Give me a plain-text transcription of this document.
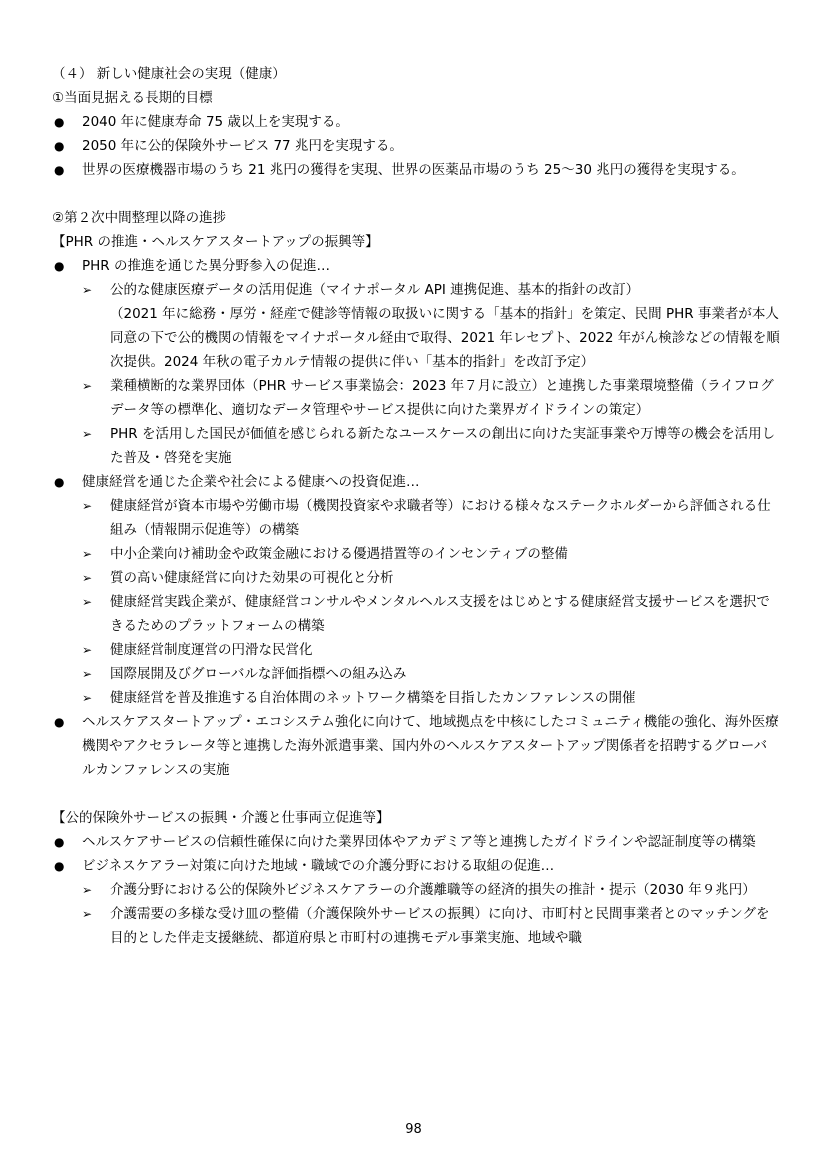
（４） 新しい健康社会の実現（健康）
①当面見据える長期的目標
●	2040 年に健康寿命 75 歳以上を実現する。
●	2050 年に公的保険外サービス 77 兆円を実現する。
●	世界の医療機器市場のうち 21 兆円の獲得を実現、世界の医薬品市場のうち 25～30 兆円の獲得を実現する。
②第２次中間整理以降の進捗
【PHR の推進・ヘルスケアスタートアップの振興等】
●	PHR の推進を通じた異分野参入の促進…
➢	公的な健康医療データの活用促進（マイナポータル API 連携促進、基本的指針の改訂）
（2021 年に総務・厚労・経産で健診等情報の取扱いに関する「基本的指針」を策定、民間 PHR 事業者が本人同意の下で公的機関の情報をマイナポータル経由で取得、2021 年レセプト、2022 年がん検診などの情報を順次提供。2024 年秋の電子カルテ情報の提供に伴い「基本的指針」を改訂予定）
➢	業種横断的な業界団体（PHR サービス事業協会：2023 年７月に設立）と連携した事業環境整備（ライフログデータ等の標準化、適切なデータ管理やサービス提供に向けた業界ガイドラインの策定）
➢	PHR を活用した国民が価値を感じられる新たなユースケースの創出に向けた実証事業や万博等の機会を活用した普及・啓発を実施
●	健康経営を通じた企業や社会による健康への投資促進…
➢	健康経営が資本市場や労働市場（機関投資家や求職者等）における様々なステークホルダーから評価される仕組み（情報開示促進等）の構築
➢	中小企業向け補助金や政策金融における優遇措置等のインセンティブの整備
➢	質の高い健康経営に向けた効果の可視化と分析
➢	健康経営実践企業が、健康経営コンサルやメンタルヘルス支援をはじめとする健康経営支援サービスを選択できるためのプラットフォームの構築
➢	健康経営制度運営の円滑な民営化
➢	国際展開及びグローバルな評価指標への組み込み
➢	健康経営を普及推進する自治体間のネットワーク構築を目指したカンファレンスの開催
●	ヘルスケアスタートアップ・エコシステム強化に向けて、地域拠点を中核にしたコミュニティ機能の強化、海外医療機関やアクセラレータ等と連携した海外派遣事業、国内外のヘルスケアスタートアップ関係者を招聘するグローバルカンファレンスの実施
【公的保険外サービスの振興・介護と仕事両立促進等】
●	ヘルスケアサービスの信頼性確保に向けた業界団体やアカデミア等と連携したガイドラインや認証制度等の構築
●	ビジネスケアラー対策に向けた地域・職域での介護分野における取組の促進…
➢	介護分野における公的保険外ビジネスケアラーの介護離職等の経済的損失の推計・提示（2030 年９兆円）
➢	介護需要の多様な受け皿の整備（介護保険外サービスの振興）に向け、市町村と民間事業者とのマッチングを目的とした伴走支援継続、都道府県と市町村の連携モデル事業実施、地域や職
98
